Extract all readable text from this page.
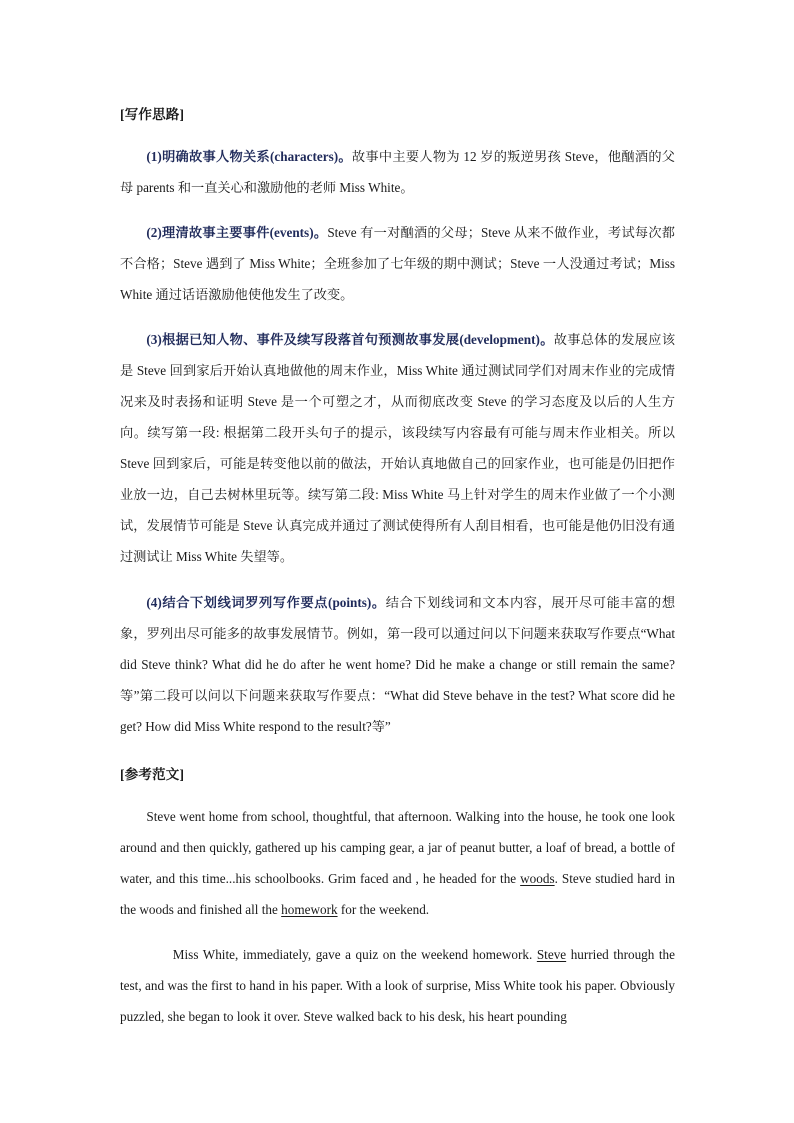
[写作思路]

(1)明确故事人物关系(characters)。故事中主要人物为 12 岁的叛逆男孩 Steve，他酗酒的父母 parents 和一直关心和激励他的老师 Miss White。

(2)理清故事主要事件(events)。Steve 有一对酗酒的父母；Steve 从来不做作业，考试每次都不合格；Steve 遇到了 Miss White；全班参加了七年级的期中测试；Steve 一人没通过考试；Miss White 通过话语激励他使他发生了改变。

(3)根据已知人物、事件及续写段落首句预测故事发展(development)。故事总体的发展应该是 Steve 回到家后开始认真地做他的周末作业，Miss White 通过测试同学们对周末作业的完成情况来及时表扬和证明 Steve 是一个可塑之才，从而彻底改变 Steve 的学习态度及以后的人生方向。续写第一段: 根据第二段开头句子的提示，该段续写内容最有可能与周末作业相关。所以 Steve 回到家后，可能是转变他以前的做法，开始认真地做自己的回家作业，也可能是仍旧把作业放一边，自己去树林里玩等。续写第二段: Miss White 马上针对学生的周末作业做了一个小测试，发展情节可能是 Steve 认真完成并通过了测试使得所有人刮目相看，也可能是他仍旧没有通过测试让 Miss White 失望等。

(4)结合下划线词罗列写作要点(points)。结合下划线词和文本内容，展开尽可能丰富的想象，罗列出尽可能多的故事发展情节。例如，第一段可以通过问以下问题来获取写作要点“What did Steve think? What did he do after he went home? Did he make a change or still remain the same?等”第二段可以问以下问题来获取写作要点：“What did Steve behave in the test? What score did he get? How did Miss White respond to the result?等”

[参考范文]

Steve went home from school, thoughtful, that afternoon. Walking into the house, he took one look around and then quickly, gathered up his camping gear, a jar of peanut butter, a loaf of bread, a bottle of water, and this time...his schoolbooks. Grim faced and , he headed for the woods. Steve studied hard in the woods and finished all the homework for the weekend.

Miss White, immediately, gave a quiz on the weekend homework. Steve hurried through the test, and was the first to hand in his paper. With a look of surprise, Miss White took his paper. Obviously puzzled, she began to look it over. Steve walked back to his desk, his heart pounding
